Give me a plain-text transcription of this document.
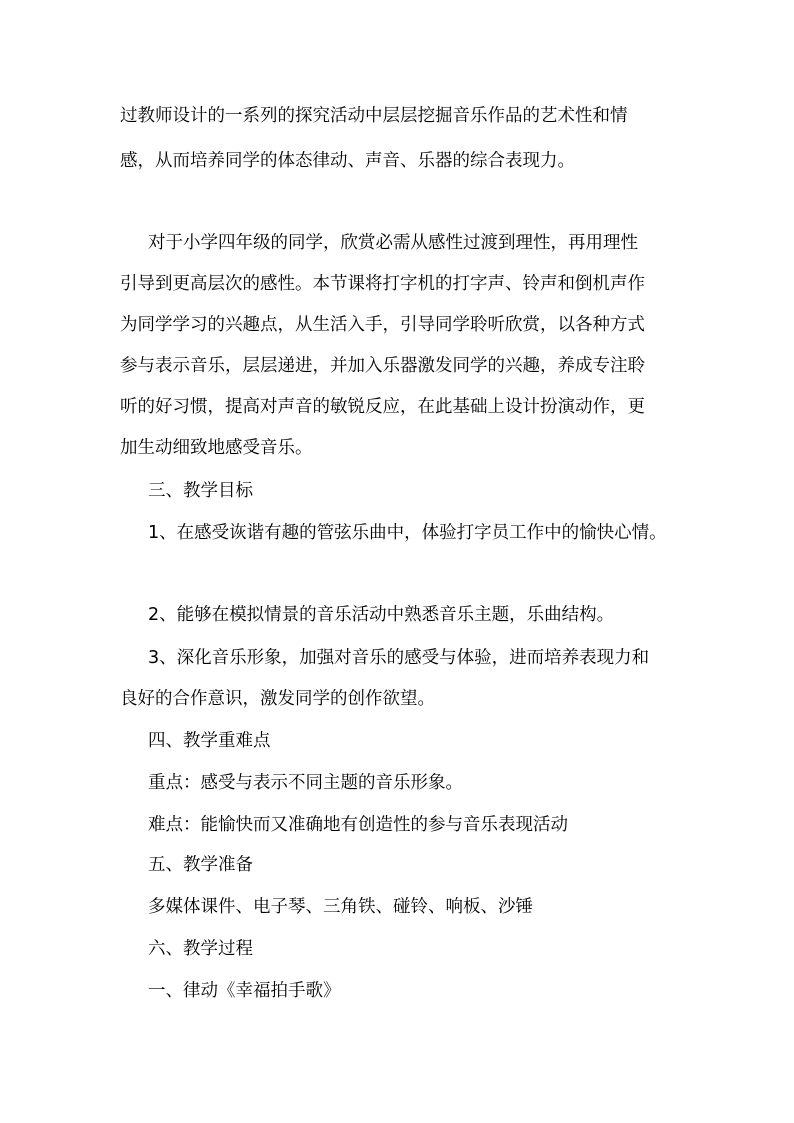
过教师设计的一系列的探究活动中层层挖掘音乐作品的艺术性和情
感，从而培养同学的体态律动、声音、乐器的综合表现力。
对于小学四年级的同学，欣赏必需从感性过渡到理性，再用理性
引导到更高层次的感性。本节课将打字机的打字声、铃声和倒机声作
为同学学习的兴趣点，从生活入手，引导同学聆听欣赏，以各种方式
参与表示音乐，层层递进，并加入乐器激发同学的兴趣，养成专注聆
听的好习惯，提高对声音的敏锐反应，在此基础上设计扮演动作，更
加生动细致地感受音乐。
三、教学目标
1、在感受诙谐有趣的管弦乐曲中，体验打字员工作中的愉快心情。
2、能够在模拟情景的音乐活动中熟悉音乐主题，乐曲结构。
3、深化音乐形象，加强对音乐的感受与体验，进而培养表现力和
良好的合作意识，激发同学的创作欲望。
四、教学重难点
重点：感受与表示不同主题的音乐形象。
难点：能愉快而又准确地有创造性的参与音乐表现活动
五、教学准备
多媒体课件、电子琴、三角铁、碰铃、响板、沙锤
六、教学过程
一、律动《幸福拍手歌》
